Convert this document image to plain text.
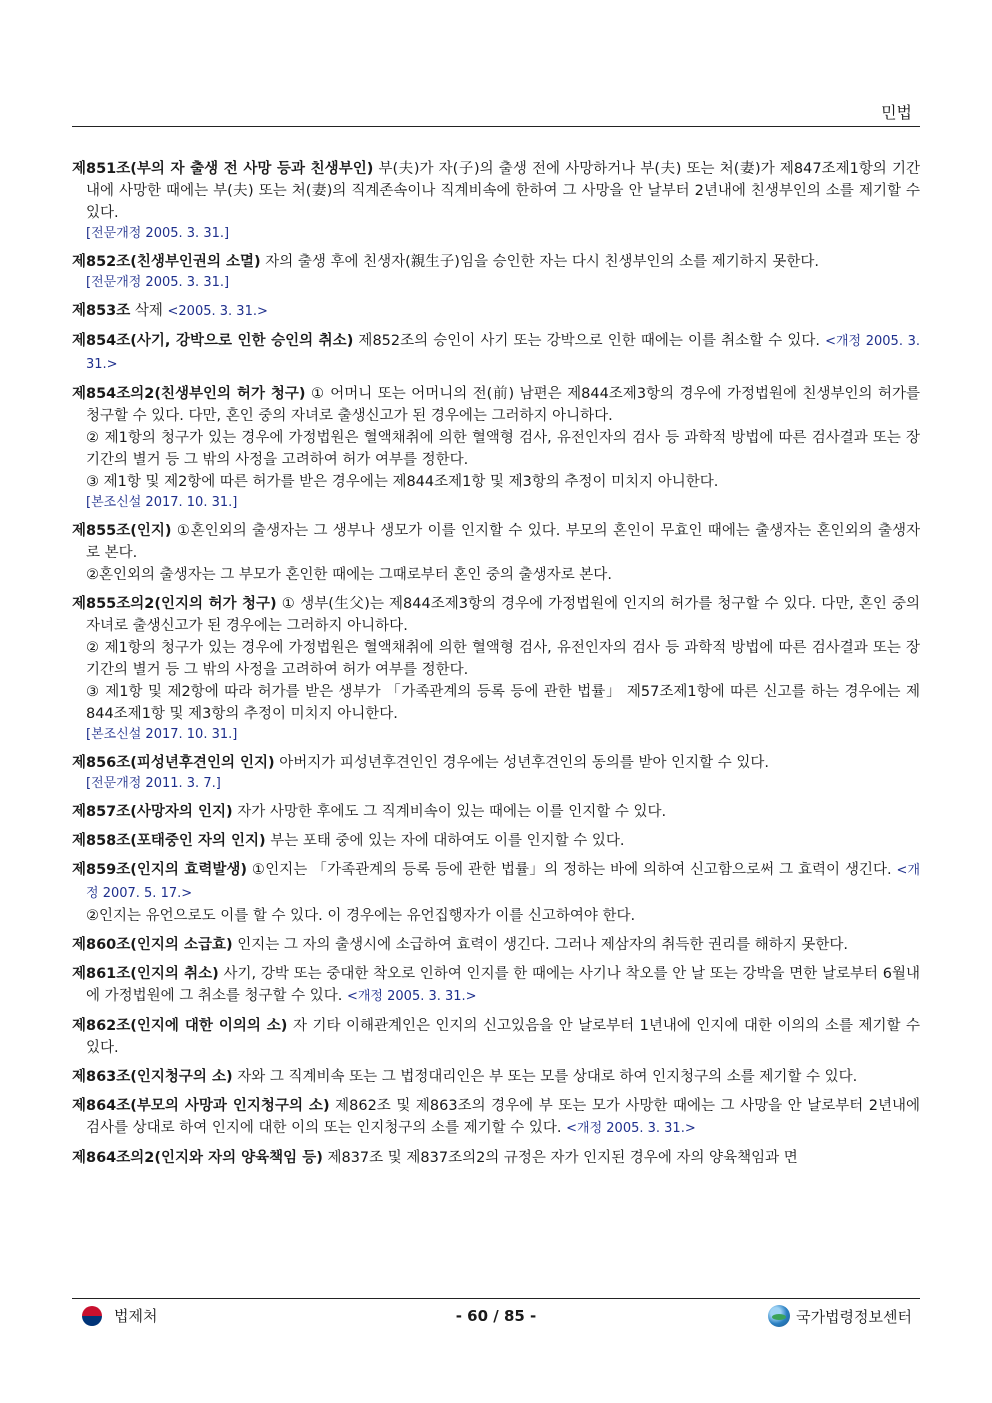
민법
제851조(부의 자 출생 전 사망 등과 친생부인) 부(夫)가 자(子)의 출생 전에 사망하거나 부(夫) 또는 처(妻)가 제847조제1항의 기간내에 사망한 때에는 부(夫) 또는 처(妻)의 직계존속이나 직계비속에 한하여 그 사망을 안 날부터 2년내에 친생부인의 소를 제기할 수 있다.
[전문개정 2005. 3. 31.]
제852조(친생부인권의 소멸) 자의 출생 후에 친생자(親生子)임을 승인한 자는 다시 친생부인의 소를 제기하지 못한다.
[전문개정 2005. 3. 31.]
제853조 삭제 <2005. 3. 31.>
제854조(사기, 강박으로 인한 승인의 취소) 제852조의 승인이 사기 또는 강박으로 인한 때에는 이를 취소할 수 있다. <개정 2005. 3. 31.>
제854조의2(친생부인의 허가 청구) ① 어머니 또는 어머니의 전(前) 남편은 제844조제3항의 경우에 가정법원에 친생부인의 허가를 청구할 수 있다. 다만, 혼인 중의 자녀로 출생신고가 된 경우에는 그러하지 아니하다.
② 제1항의 청구가 있는 경우에 가정법원은 혈액채취에 의한 혈액형 검사, 유전인자의 검사 등 과학적 방법에 따른 검사결과 또는 장기간의 별거 등 그 밖의 사정을 고려하여 허가 여부를 정한다.
③ 제1항 및 제2항에 따른 허가를 받은 경우에는 제844조제1항 및 제3항의 추정이 미치지 아니한다.
[본조신설 2017. 10. 31.]
제855조(인지) ①혼인외의 출생자는 그 생부나 생모가 이를 인지할 수 있다. 부모의 혼인이 무효인 때에는 출생자는 혼인외의 출생자로 본다.
②혼인외의 출생자는 그 부모가 혼인한 때에는 그때로부터 혼인 중의 출생자로 본다.
제855조의2(인지의 허가 청구) ① 생부(生父)는 제844조제3항의 경우에 가정법원에 인지의 허가를 청구할 수 있다. 다만, 혼인 중의 자녀로 출생신고가 된 경우에는 그러하지 아니하다.
② 제1항의 청구가 있는 경우에 가정법원은 혈액채취에 의한 혈액형 검사, 유전인자의 검사 등 과학적 방법에 따른 검사결과 또는 장기간의 별거 등 그 밖의 사정을 고려하여 허가 여부를 정한다.
③ 제1항 및 제2항에 따라 허가를 받은 생부가 「가족관계의 등록 등에 관한 법률」 제57조제1항에 따른 신고를 하는 경우에는 제844조제1항 및 제3항의 추정이 미치지 아니한다.
[본조신설 2017. 10. 31.]
제856조(피성년후견인의 인지) 아버지가 피성년후견인인 경우에는 성년후견인의 동의를 받아 인지할 수 있다.
[전문개정 2011. 3. 7.]
제857조(사망자의 인지) 자가 사망한 후에도 그 직계비속이 있는 때에는 이를 인지할 수 있다.
제858조(포태중인 자의 인지) 부는 포태 중에 있는 자에 대하여도 이를 인지할 수 있다.
제859조(인지의 효력발생) ①인지는 「가족관계의 등록 등에 관한 법률」의 정하는 바에 의하여 신고함으로써 그 효력이 생긴다. <개정 2007. 5. 17.>
②인지는 유언으로도 이를 할 수 있다. 이 경우에는 유언집행자가 이를 신고하여야 한다.
제860조(인지의 소급효) 인지는 그 자의 출생시에 소급하여 효력이 생긴다. 그러나 제삼자의 취득한 권리를 해하지 못한다.
제861조(인지의 취소) 사기, 강박 또는 중대한 착오로 인하여 인지를 한 때에는 사기나 착오를 안 날 또는 강박을 면한 날로부터 6월내에 가정법원에 그 취소를 청구할 수 있다. <개정 2005. 3. 31.>
제862조(인지에 대한 이의의 소) 자 기타 이해관계인은 인지의 신고있음을 안 날로부터 1년내에 인지에 대한 이의의 소를 제기할 수 있다.
제863조(인지청구의 소) 자와 그 직계비속 또는 그 법정대리인은 부 또는 모를 상대로 하여 인지청구의 소를 제기할 수 있다.
제864조(부모의 사망과 인지청구의 소) 제862조 및 제863조의 경우에 부 또는 모가 사망한 때에는 그 사망을 안 날로부터 2년내에 검사를 상대로 하여 인지에 대한 이의 또는 인지청구의 소를 제기할 수 있다. <개정 2005. 3. 31.>
제864조의2(인지와 자의 양육책임 등) 제837조 및 제837조의2의 규정은 자가 인지된 경우에 자의 양육책임과 면
법제처	- 60 / 85 -	국가법령정보센터
